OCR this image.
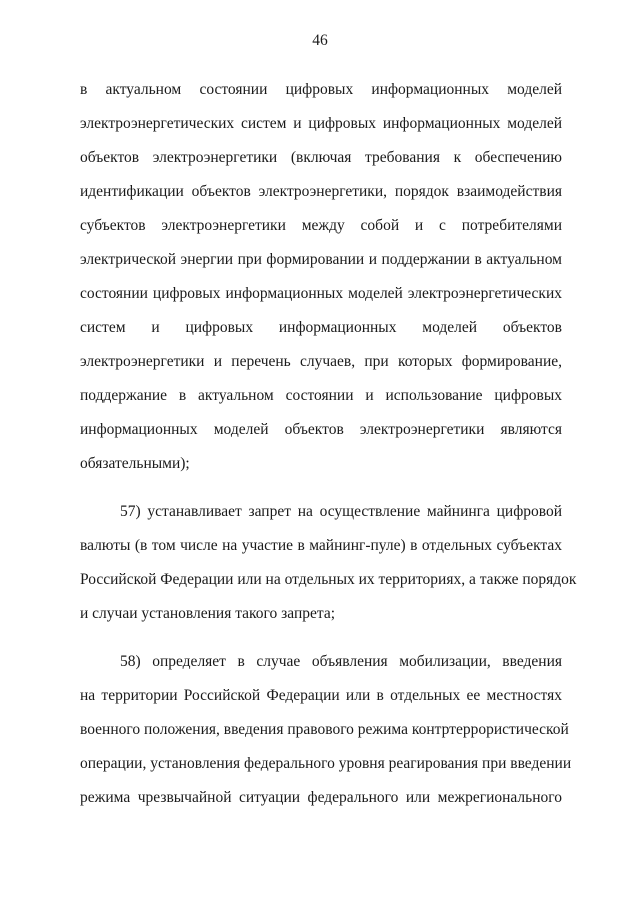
46
в актуальном состоянии цифровых информационных моделей
электроэнергетических систем и цифровых информационных моделей
объектов электроэнергетики (включая требования к обеспечению
идентификации объектов электроэнергетики, порядок взаимодействия
субъектов электроэнергетики между собой и с потребителями
электрической энергии при формировании и поддержании в актуальном
состоянии цифровых информационных моделей электроэнергетических
систем и цифровых информационных моделей объектов
электроэнергетики и перечень случаев, при которых формирование,
поддержание в актуальном состоянии и использование цифровых
информационных моделей объектов электроэнергетики являются
обязательными);
57) устанавливает запрет на осуществление майнинга цифровой
валюты (в том числе на участие в майнинг-пуле) в отдельных субъектах
Российской Федерации или на отдельных их территориях, а также порядок
и случаи установления такого запрета;
58) определяет в случае объявления мобилизации, введения
на территории Российской Федерации или в отдельных ее местностях
военного положения, введения правового режима контртеррористической
операции, установления федерального уровня реагирования при введении
режима чрезвычайной ситуации федерального или межрегионального
